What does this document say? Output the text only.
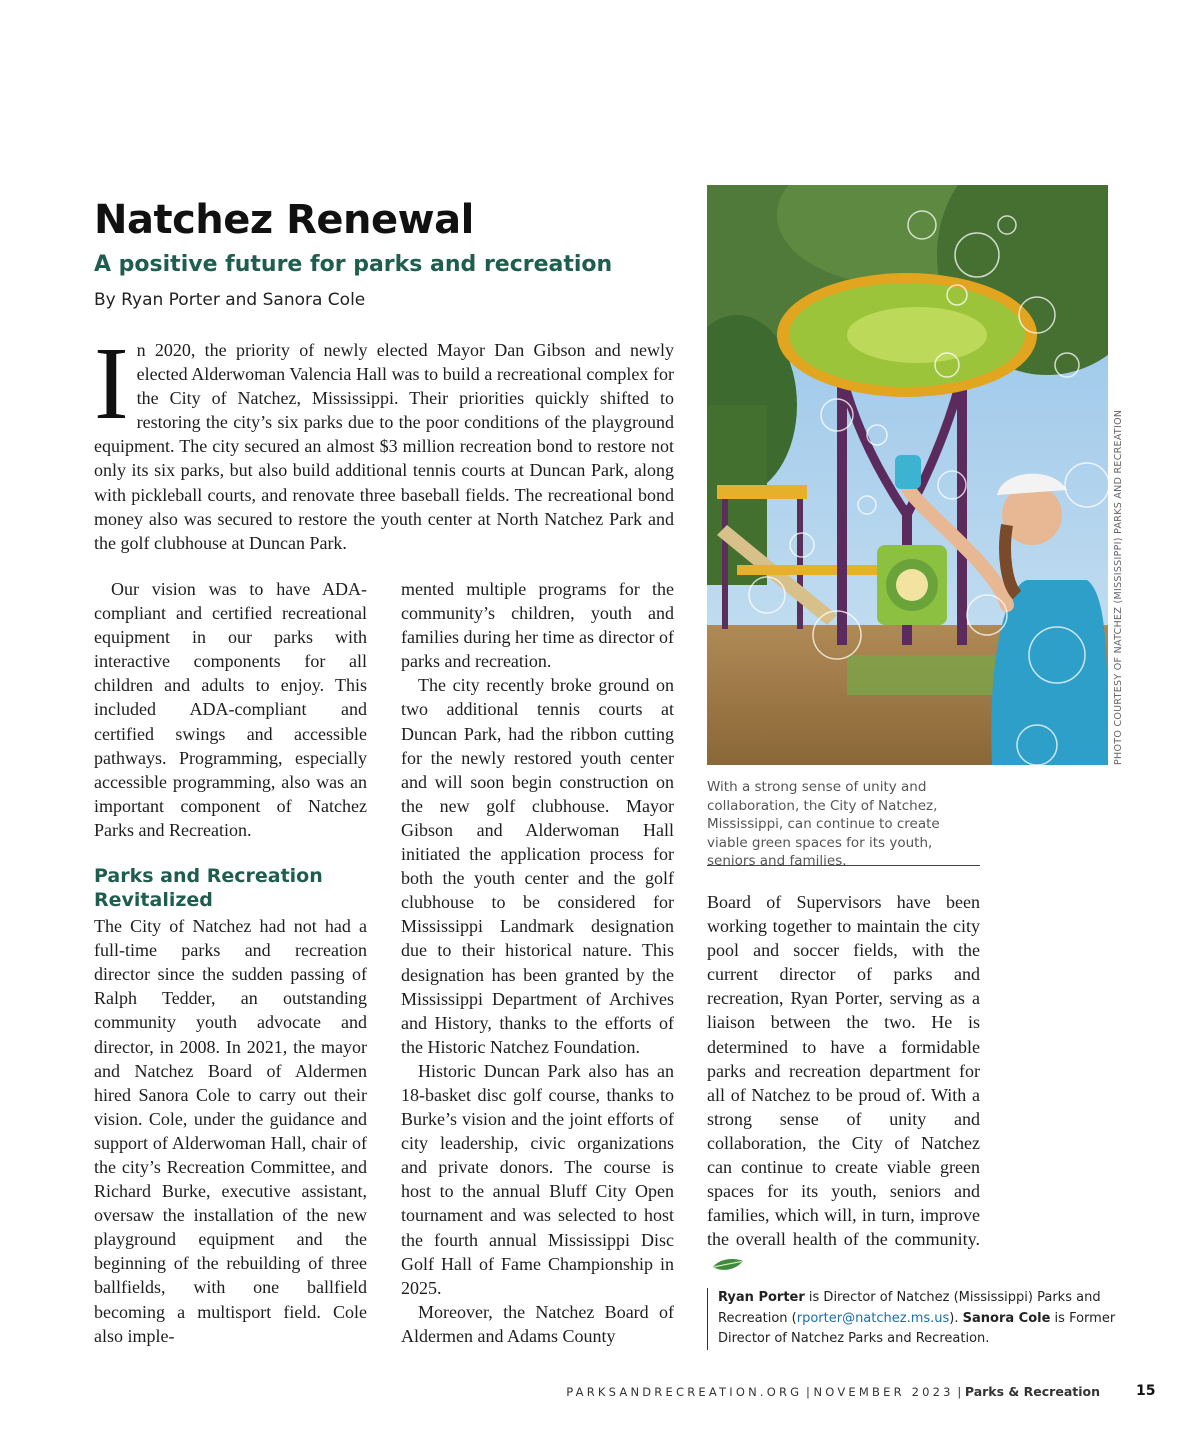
Natchez Renewal
A positive future for parks and recreation
By Ryan Porter and Sanora Cole

In 2020, the priority of newly elected Mayor Dan Gibson and newly elected Alderwoman Valencia Hall was to build a recreational complex for the City of Natchez, Mississippi. Their priorities quickly shifted to restoring the city’s six parks due to the poor conditions of the playground equipment. The city secured an almost $3 million recreation bond to restore not only its six parks, but also build additional tennis courts at Duncan Park, along with pickleball courts, and renovate three baseball fields. The recreational bond money also was secured to restore the youth center at North Natchez Park and the golf clubhouse at Duncan Park.

Our vision was to have ADA-compliant and certified recreational equipment in our parks with interactive components for all children and adults to enjoy. This included ADA-compliant and certified swings and accessible pathways. Programming, especially accessible programming, also was an important component of Natchez Parks and Recreation.

Parks and Recreation Revitalized

The City of Natchez had not had a full-time parks and recreation director since the sudden passing of Ralph Tedder, an outstanding community youth advocate and director, in 2008. In 2021, the mayor and Natchez Board of Aldermen hired Sanora Cole to carry out their vision. Cole, under the guidance and support of Alderwoman Hall, chair of the city’s Recreation Committee, and Richard Burke, executive assistant, oversaw the installation of the new playground equipment and the beginning of the rebuilding of three ballfields, with one ballfield becoming a multisport field. Cole also imple-

mented multiple programs for the community’s children, youth and families during her time as director of parks and recreation.

The city recently broke ground on two additional tennis courts at Duncan Park, had the ribbon cutting for the newly restored youth center and will soon begin construction on the new golf clubhouse. Mayor Gibson and Alderwoman Hall initiated the application process for both the youth center and the golf clubhouse to be considered for Mississippi Landmark designation due to their historical nature. This designation has been granted by the Mississippi Department of Archives and History, thanks to the efforts of the Historic Natchez Foundation.

Historic Duncan Park also has an 18-basket disc golf course, thanks to Burke’s vision and the joint efforts of city leadership, civic organizations and private donors. The course is host to the annual Bluff City Open tournament and was selected to host the fourth annual Mississippi Disc Golf Hall of Fame Championship in 2025.

Moreover, the Natchez Board of Aldermen and Adams County

Board of Supervisors have been working together to maintain the city pool and soccer fields, with the current director of parks and recreation, Ryan Porter, serving as a liaison between the two. He is determined to have a formidable parks and recreation department for all of Natchez to be proud of. With a strong sense of unity and collaboration, the City of Natchez can continue to create viable green spaces for its youth, seniors and families, which will, in turn, improve the overall health of the community.

PHOTO COURTESY OF NATCHEZ (MISSISSIPPI) PARKS AND RECREATION
With a strong sense of unity and collaboration, the City of Natchez, Mississippi, can continue to create viable green spaces for its youth, seniors and families.
Ryan Porter is Director of Natchez (Mississippi) Parks and Recreation (rporter@natchez.ms.us). Sanora Cole is Former Director of Natchez Parks and Recreation.
PARKSANDRECREATION.ORG | NOVEMBER 2023 | Parks & Recreation	15
